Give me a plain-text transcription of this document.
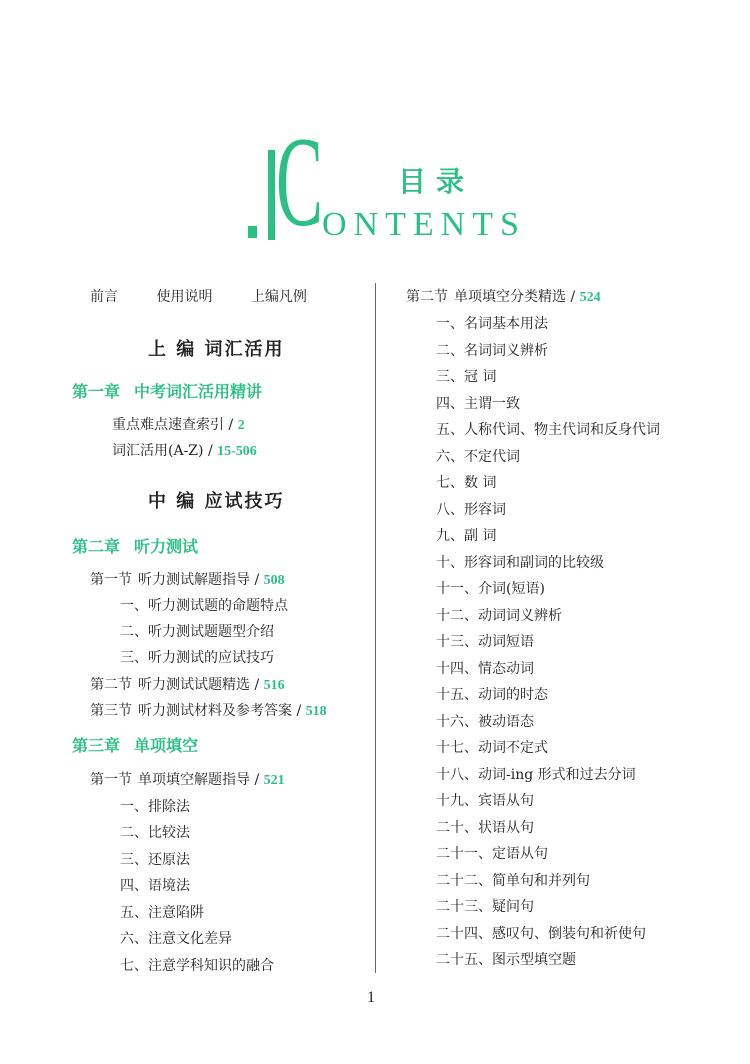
C ONTENTS
目录
前言	使用说明	上编凡例
上 编 词汇活用
第一章 中考词汇活用精讲
重点难点速查索引 / 2
词汇活用(A-Z) / 15-506
中 编 应试技巧
第二章 听力测试
第一节 听力测试解题指导 / 508
一、听力测试题的命题特点
二、听力测试题题型介绍
三、听力测试的应试技巧
第二节 听力测试试题精选 / 516
第三节 听力测试材料及参考答案 / 518
第三章 单项填空
第一节 单项填空解题指导 / 521
一、排除法
二、比较法
三、还原法
四、语境法
五、注意陷阱
六、注意文化差异
七、注意学科知识的融合
第二节 单项填空分类精选 / 524
一、名词基本用法
二、名词词义辨析
三、冠 词
四、主谓一致
五、人称代词、物主代词和反身代词
六、不定代词
七、数 词
八、形容词
九、副 词
十、形容词和副词的比较级
十一、介词(短语)
十二、动词词义辨析
十三、动词短语
十四、情态动词
十五、动词的时态
十六、被动语态
十七、动词不定式
十八、动词-ing 形式和过去分词
十九、宾语从句
二十、状语从句
二十一、定语从句
二十二、简单句和并列句
二十三、疑问句
二十四、感叹句、倒装句和祈使句
二十五、图示型填空题
1
